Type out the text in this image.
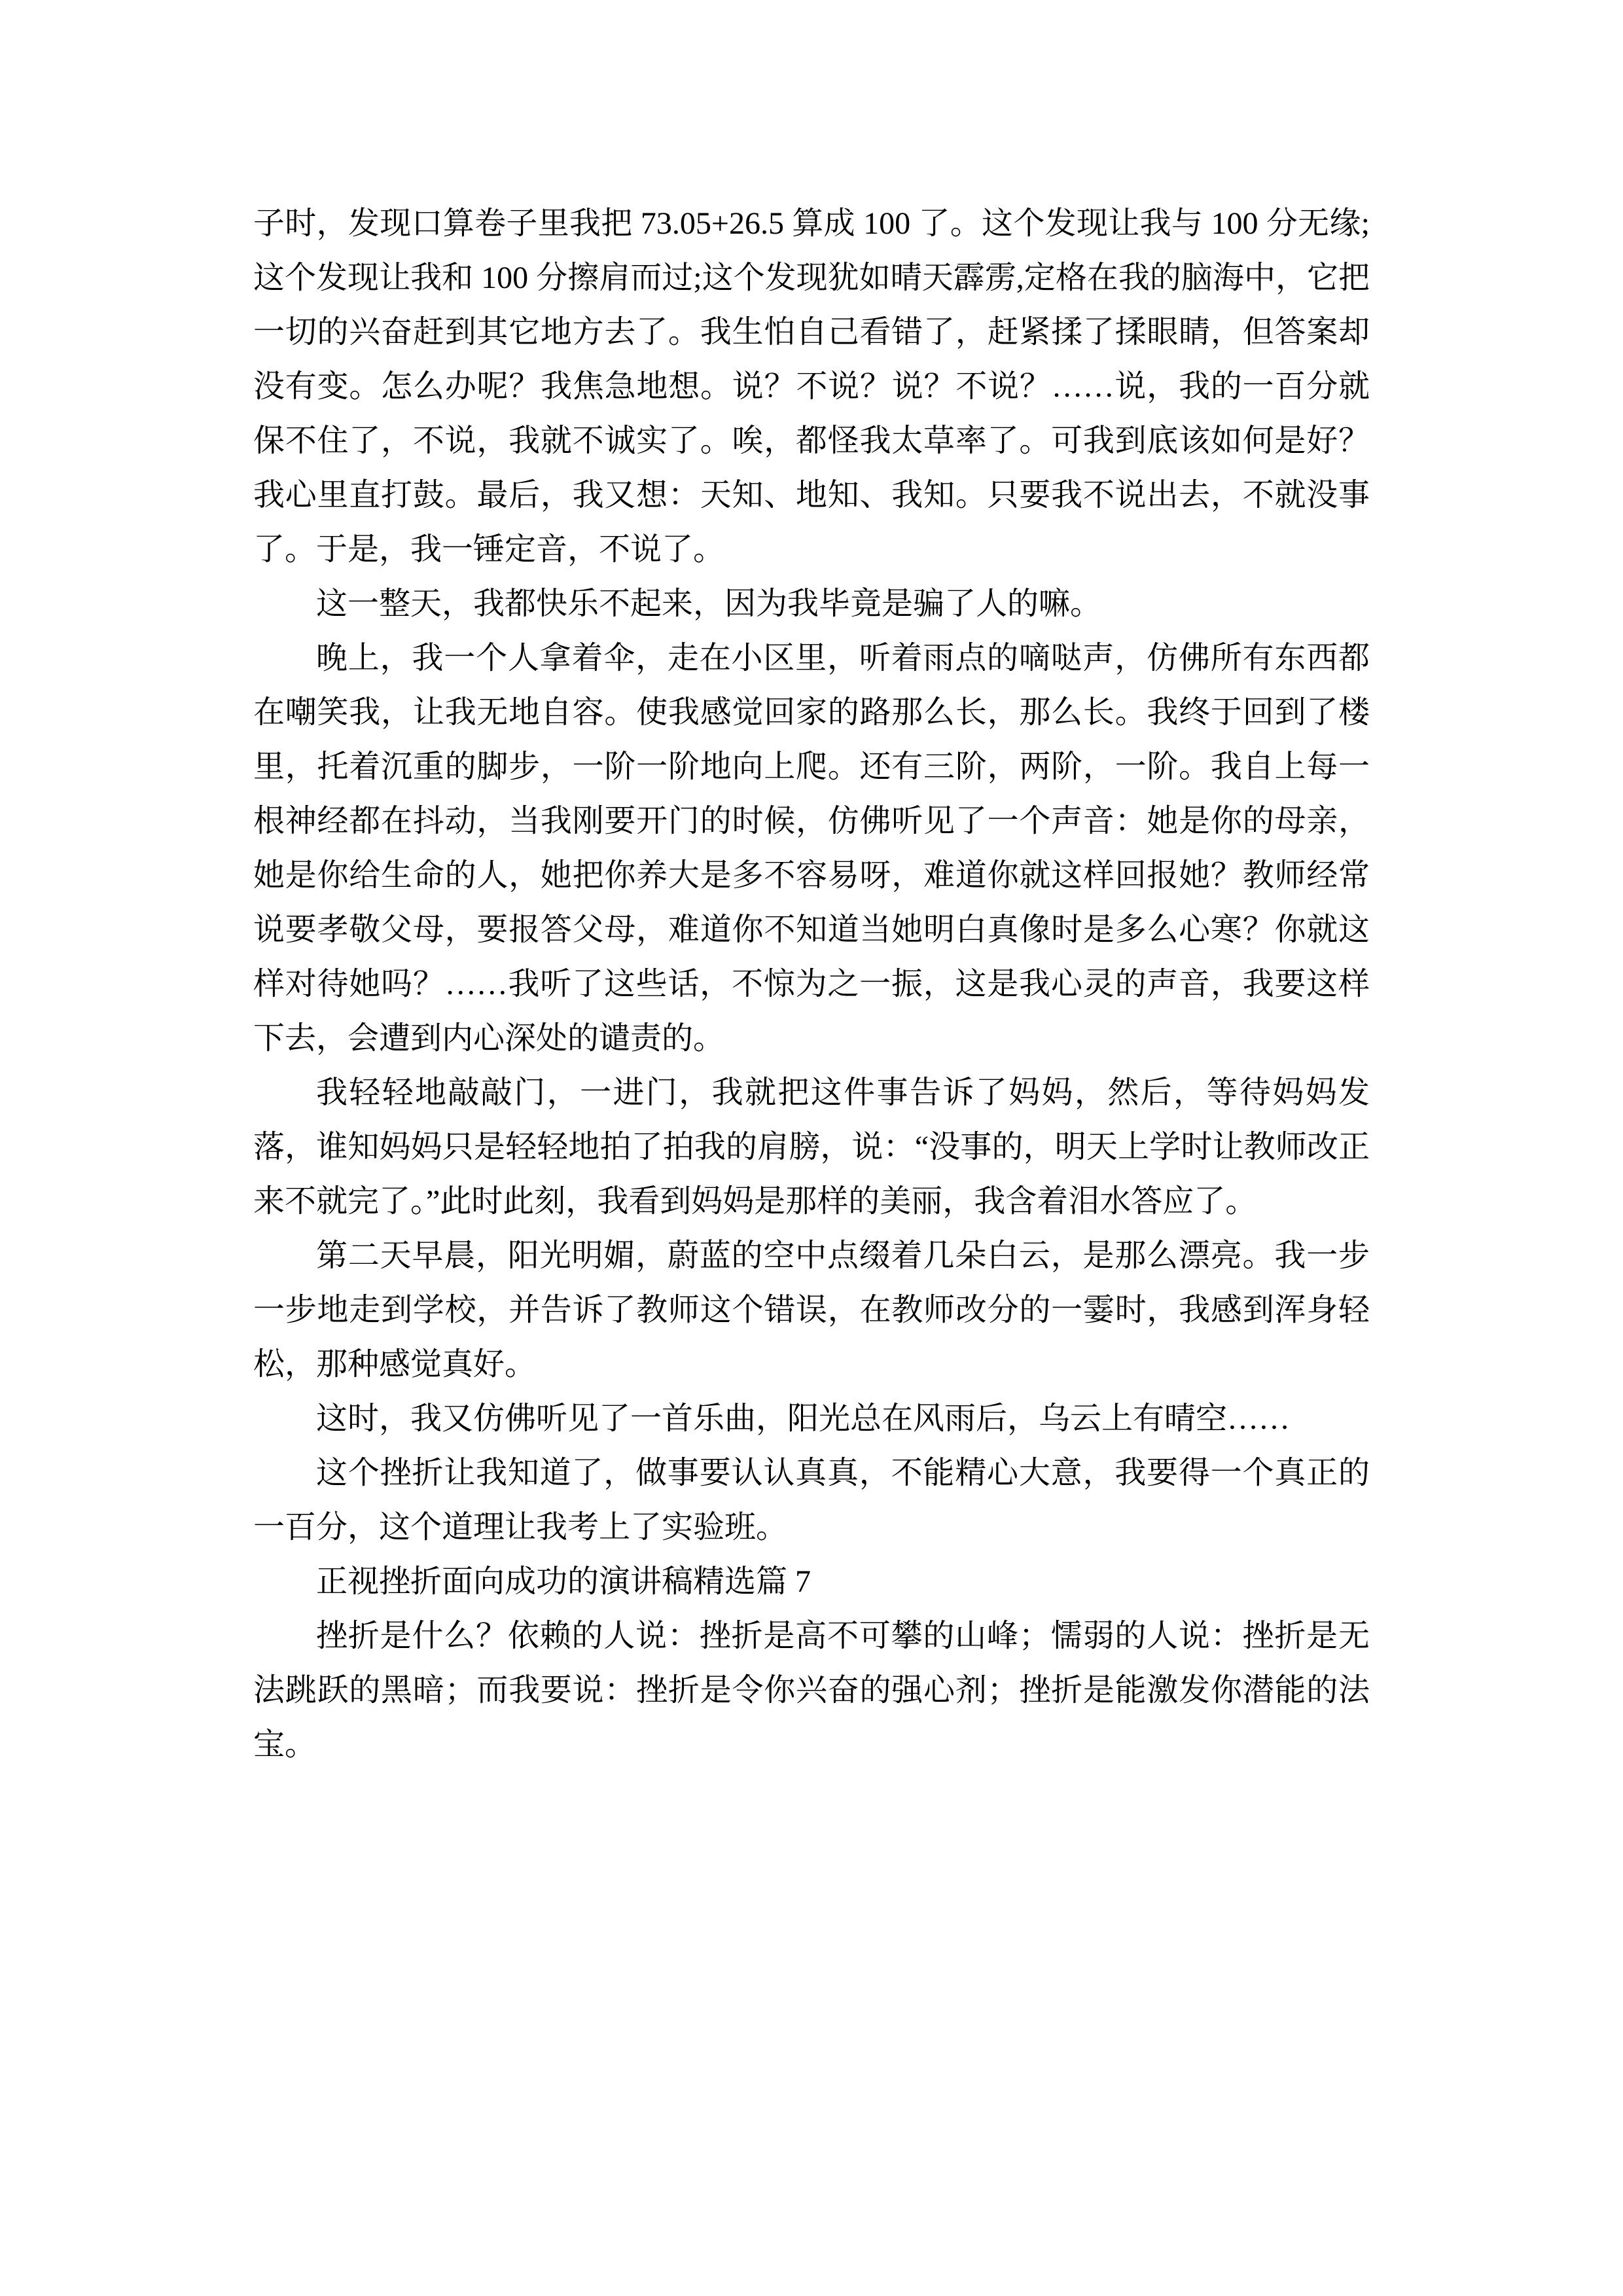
子时，发现口算卷子里我把 73.05+26.5 算成 100 了。这个发现让我与 100 分无缘;这个发现让我和 100 分擦肩而过;这个发现犹如晴天霹雳,定格在我的脑海中，它把一切的兴奋赶到其它地方去了。我生怕自己看错了，赶紧揉了揉眼睛，但答案却没有变。怎么办呢？我焦急地想。说？不说？说？不说？……说，我的一百分就保不住了，不说，我就不诚实了。唉，都怪我太草率了。可我到底该如何是好？我心里直打鼓。最后，我又想：天知、地知、我知。只要我不说出去，不就没事了。于是，我一锤定音，不说了。

这一整天，我都快乐不起来，因为我毕竟是骗了人的嘛。

晚上，我一个人拿着伞，走在小区里，听着雨点的嘀哒声，仿佛所有东西都在嘲笑我，让我无地自容。使我感觉回家的路那么长，那么长。我终于回到了楼里，托着沉重的脚步，一阶一阶地向上爬。还有三阶，两阶，一阶。我自上每一根神经都在抖动，当我刚要开门的时候，仿佛听见了一个声音：她是你的母亲，她是你给生命的人，她把你养大是多不容易呀，难道你就这样回报她？教师经常说要孝敬父母，要报答父母，难道你不知道当她明白真像时是多么心寒？你就这样对待她吗？……我听了这些话，不惊为之一振，这是我心灵的声音，我要这样下去，会遭到内心深处的谴责的。

我轻轻地敲敲门，一进门，我就把这件事告诉了妈妈，然后，等待妈妈发落，谁知妈妈只是轻轻地拍了拍我的肩膀，说：“没事的，明天上学时让教师改正来不就完了。”此时此刻，我看到妈妈是那样的美丽，我含着泪水答应了。

第二天早晨，阳光明媚，蔚蓝的空中点缀着几朵白云，是那么漂亮。我一步一步地走到学校，并告诉了教师这个错误，在教师改分的一霎时，我感到浑身轻松，那种感觉真好。

这时，我又仿佛听见了一首乐曲，阳光总在风雨后，乌云上有晴空……

这个挫折让我知道了，做事要认认真真，不能精心大意，我要得一个真正的一百分，这个道理让我考上了实验班。

正视挫折面向成功的演讲稿精选篇 7

挫折是什么？依赖的人说：挫折是高不可攀的山峰；懦弱的人说：挫折是无法跳跃的黑暗；而我要说：挫折是令你兴奋的强心剂；挫折是能激发你潜能的法宝。
